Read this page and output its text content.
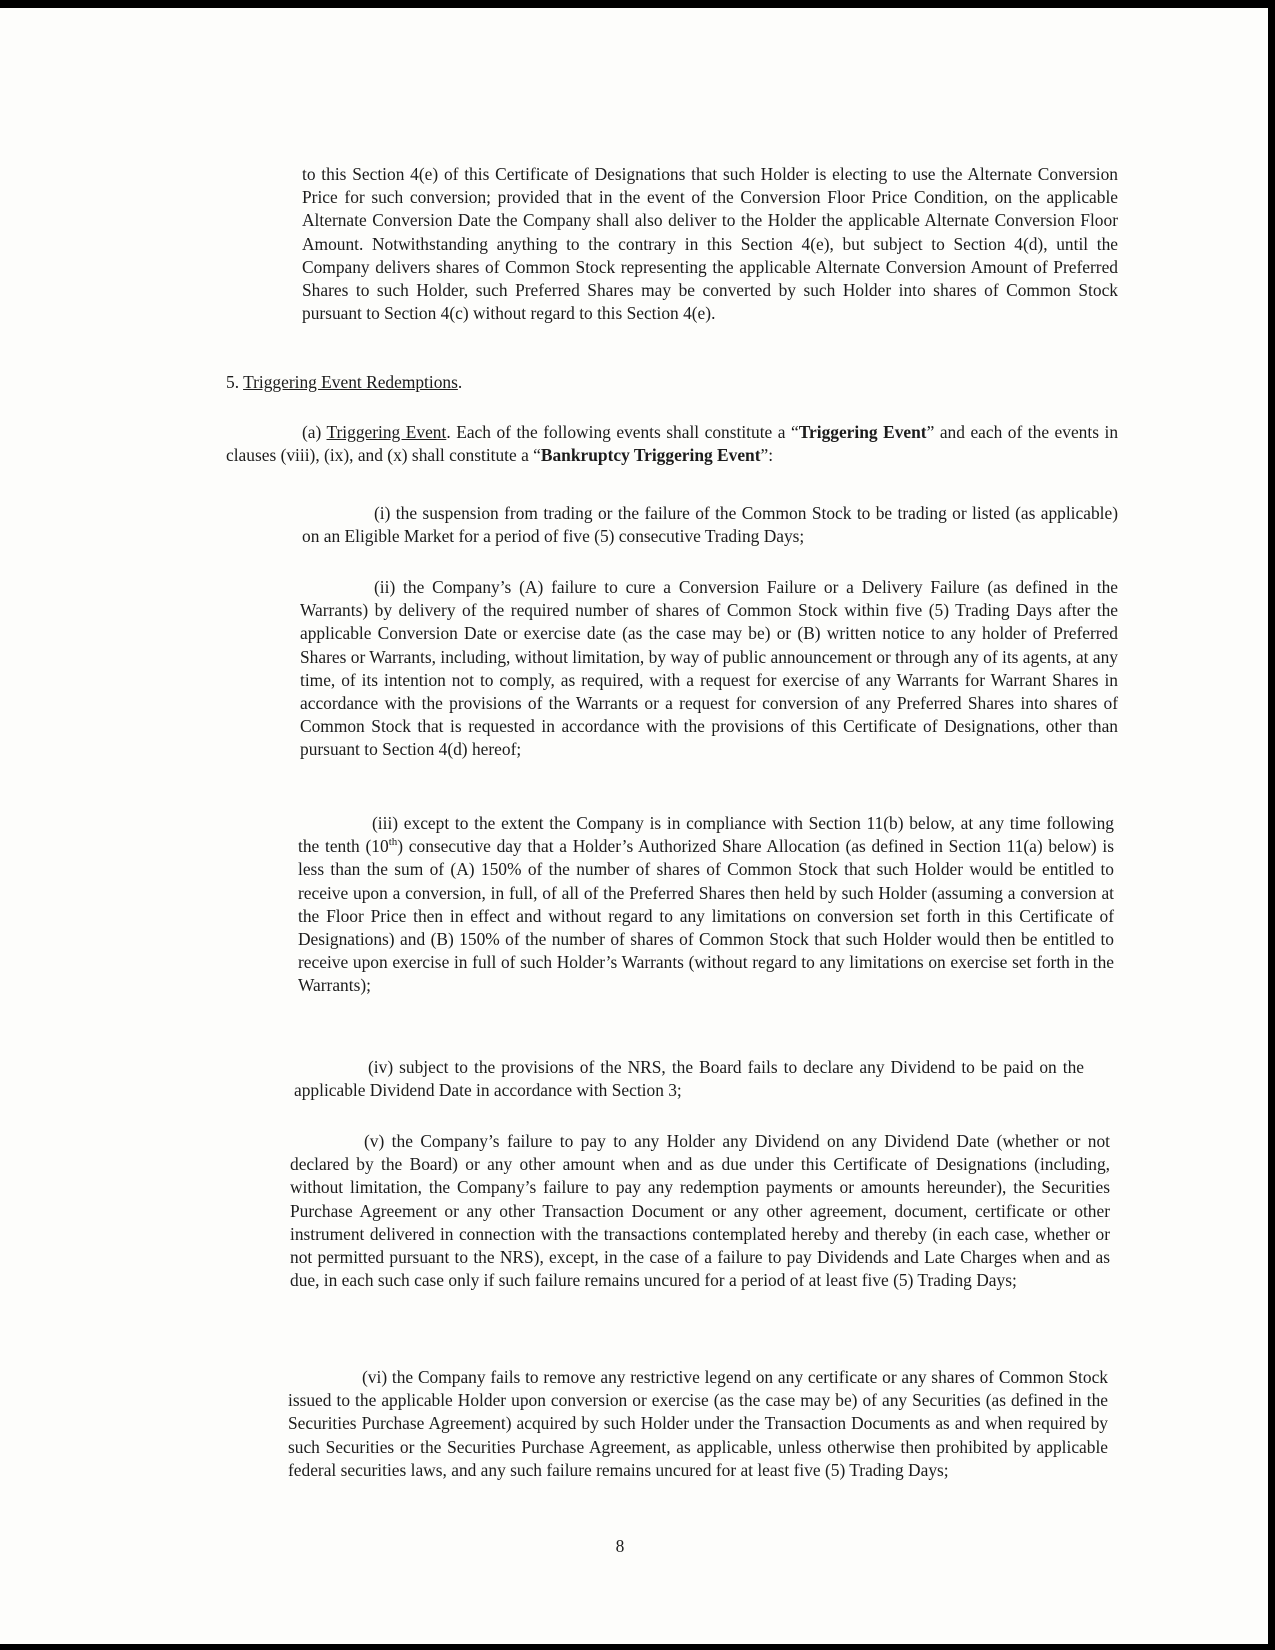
to this Section 4(e) of this Certificate of Designations that such Holder is electing to use the Alternate Conversion Price for such conversion; provided that in the event of the Conversion Floor Price Condition, on the applicable Alternate Conversion Date the Company shall also deliver to the Holder the applicable Alternate Conversion Floor Amount. Notwithstanding anything to the contrary in this Section 4(e), but subject to Section 4(d), until the Company delivers shares of Common Stock representing the applicable Alternate Conversion Amount of Preferred Shares to such Holder, such Preferred Shares may be converted by such Holder into shares of Common Stock pursuant to Section 4(c) without regard to this Section 4(e).

5. Triggering Event Redemptions.

(a) Triggering Event. Each of the following events shall constitute a “Triggering Event” and each of the events in clauses (viii), (ix), and (x) shall constitute a “Bankruptcy Triggering Event”:

(i) the suspension from trading or the failure of the Common Stock to be trading or listed (as applicable) on an Eligible Market for a period of five (5) consecutive Trading Days;

(ii) the Company’s (A) failure to cure a Conversion Failure or a Delivery Failure (as defined in the Warrants) by delivery of the required number of shares of Common Stock within five (5) Trading Days after the applicable Conversion Date or exercise date (as the case may be) or (B) written notice to any holder of Preferred Shares or Warrants, including, without limitation, by way of public announcement or through any of its agents, at any time, of its intention not to comply, as required, with a request for exercise of any Warrants for Warrant Shares in accordance with the provisions of the Warrants or a request for conversion of any Preferred Shares into shares of Common Stock that is requested in accordance with the provisions of this Certificate of Designations, other than pursuant to Section 4(d) hereof;

(iii) except to the extent the Company is in compliance with Section 11(b) below, at any time following the tenth (10th) consecutive day that a Holder’s Authorized Share Allocation (as defined in Section 11(a) below) is less than the sum of (A) 150% of the number of shares of Common Stock that such Holder would be entitled to receive upon a conversion, in full, of all of the Preferred Shares then held by such Holder (assuming a conversion at the Floor Price then in effect and without regard to any limitations on conversion set forth in this Certificate of Designations) and (B) 150% of the number of shares of Common Stock that such Holder would then be entitled to receive upon exercise in full of such Holder’s Warrants (without regard to any limitations on exercise set forth in the Warrants);

(iv) subject to the provisions of the NRS, the Board fails to declare any Dividend to be paid on the applicable Dividend Date in accordance with Section 3;

(v) the Company’s failure to pay to any Holder any Dividend on any Dividend Date (whether or not declared by the Board) or any other amount when and as due under this Certificate of Designations (including, without limitation, the Company’s failure to pay any redemption payments or amounts hereunder), the Securities Purchase Agreement or any other Transaction Document or any other agreement, document, certificate or other instrument delivered in connection with the transactions contemplated hereby and thereby (in each case, whether or not permitted pursuant to the NRS), except, in the case of a failure to pay Dividends and Late Charges when and as due, in each such case only if such failure remains uncured for a period of at least five (5) Trading Days;

(vi) the Company fails to remove any restrictive legend on any certificate or any shares of Common Stock issued to the applicable Holder upon conversion or exercise (as the case may be) of any Securities (as defined in the Securities Purchase Agreement) acquired by such Holder under the Transaction Documents as and when required by such Securities or the Securities Purchase Agreement, as applicable, unless otherwise then prohibited by applicable federal securities laws, and any such failure remains uncured for at least five (5) Trading Days;

8
